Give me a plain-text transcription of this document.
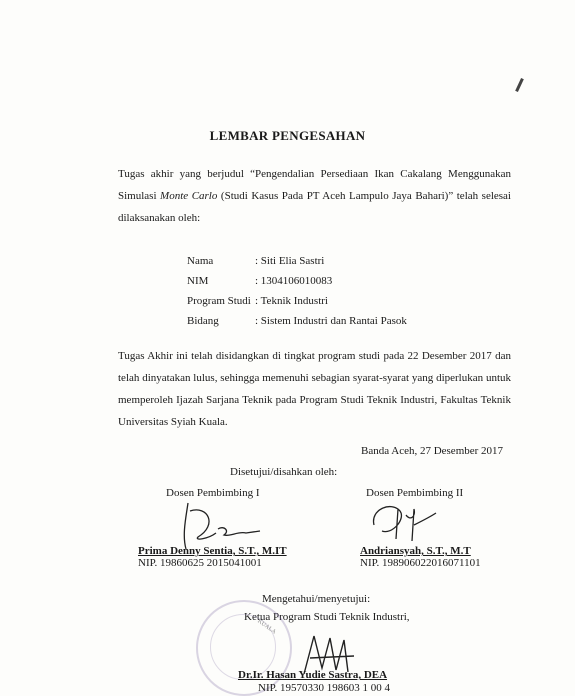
LEMBAR PENGESAHAN
Tugas akhir yang berjudul “Pengendalian Persediaan Ikan Cakalang Menggunakan Simulasi Monte Carlo (Studi Kasus Pada PT Aceh Lampulo Jaya Bahari)” telah selesai dilaksanakan oleh:
Nama	: Siti Elia Sastri
NIM	: 1304106010083
Program Studi : Teknik Industri
Bidang	: Sistem Industri dan Rantai Pasok
Tugas Akhir ini telah disidangkan di tingkat program studi pada 22 Desember 2017 dan telah dinyatakan lulus, sehingga memenuhi sebagian syarat-syarat yang diperlukan untuk memperoleh Ijazah Sarjana Teknik pada Program Studi Teknik Industri, Fakultas Teknik Universitas Syiah Kuala.
Banda Aceh, 27 Desember 2017
Disetujui/disahkan oleh:
Dosen Pembimbing I	Dosen Pembimbing II
Prima Denny Sentia, S.T., M.IT
NIP. 19860625 2015041001
Andriansyah, S.T., M.T
NIP. 198906022016071101
Mengetahui/menyetujui:
Ketua Program Studi Teknik Industri,
KUALA
Dr.Ir. Hasan Yudie Sastra, DEA
NIP. 19570330 198603 1 00 4
